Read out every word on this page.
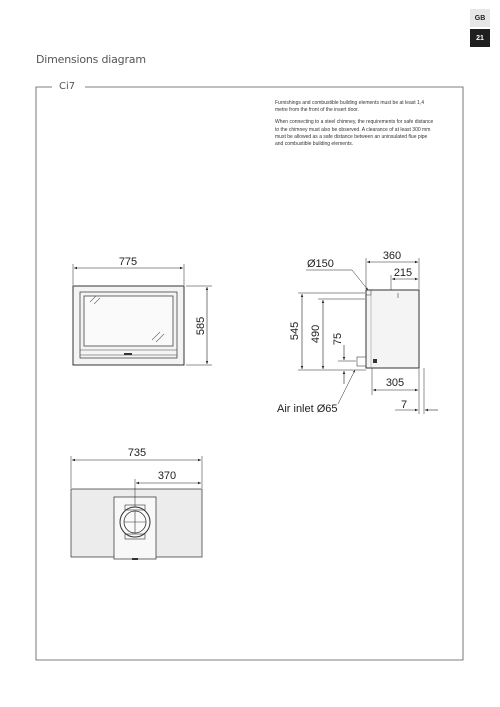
GB
21
Dimensions diagram
775
585
360
215
Ø150
545 490 75
305
7
Air inlet Ø65
735
370
Ci7

Furnishings and combustible building elements must be at least 1,4 metre from the front of the insert door.

When connecting to a steel chimney, the requirements for safe distance to the chimney must also be observed. A clearance of at least 300 mm must be allowed as a safe distance between an uninsulated flue pipe and combustible building elements.
